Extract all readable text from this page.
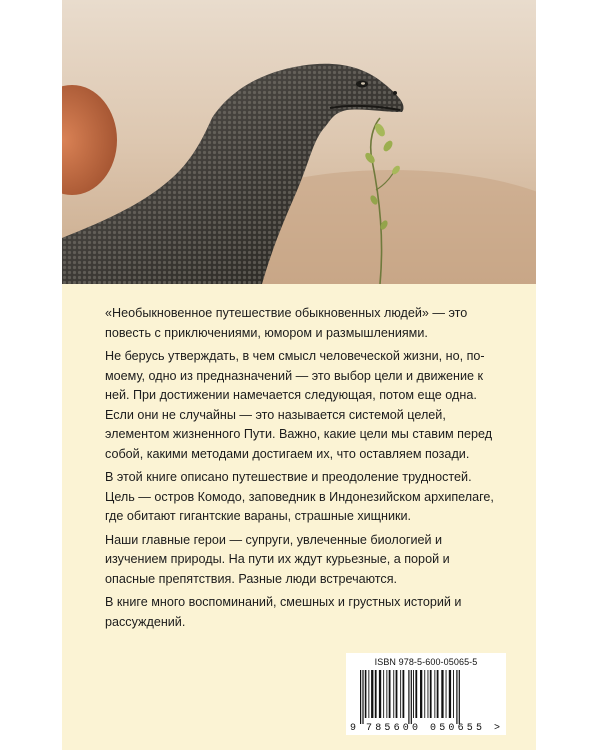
«Необыкновенное путешествие обыкновенных людей» — это повесть с приключениями, юмором и размышлениями.

Не берусь утверждать, в чем смысл человеческой жизни, но, по-моему, одно из предназначений — это выбор цели и движение к ней. При достижении намечается следующая, потом еще одна. Если они не случайны — это называется системой целей, элементом жизненного Пути. Важно, какие цели мы ставим перед собой, какими методами достигаем их, что оставляем позади.

В этой книге описано путешествие и преодоление трудностей. Цель — остров Комодо, заповедник в Индонезийском архипелаге, где обитают гигантские вараны, страшные хищники.

Наши главные герои — супруги, увлеченные биологией и изучением природы. На пути их ждут курьезные, а порой и опасные препятствия. Разные люди встречаются.

В книге много воспоминаний, смешных и грустных историй и рассуждений.

ISBN 978-5-600-05065-5
9 785600 050655 >
